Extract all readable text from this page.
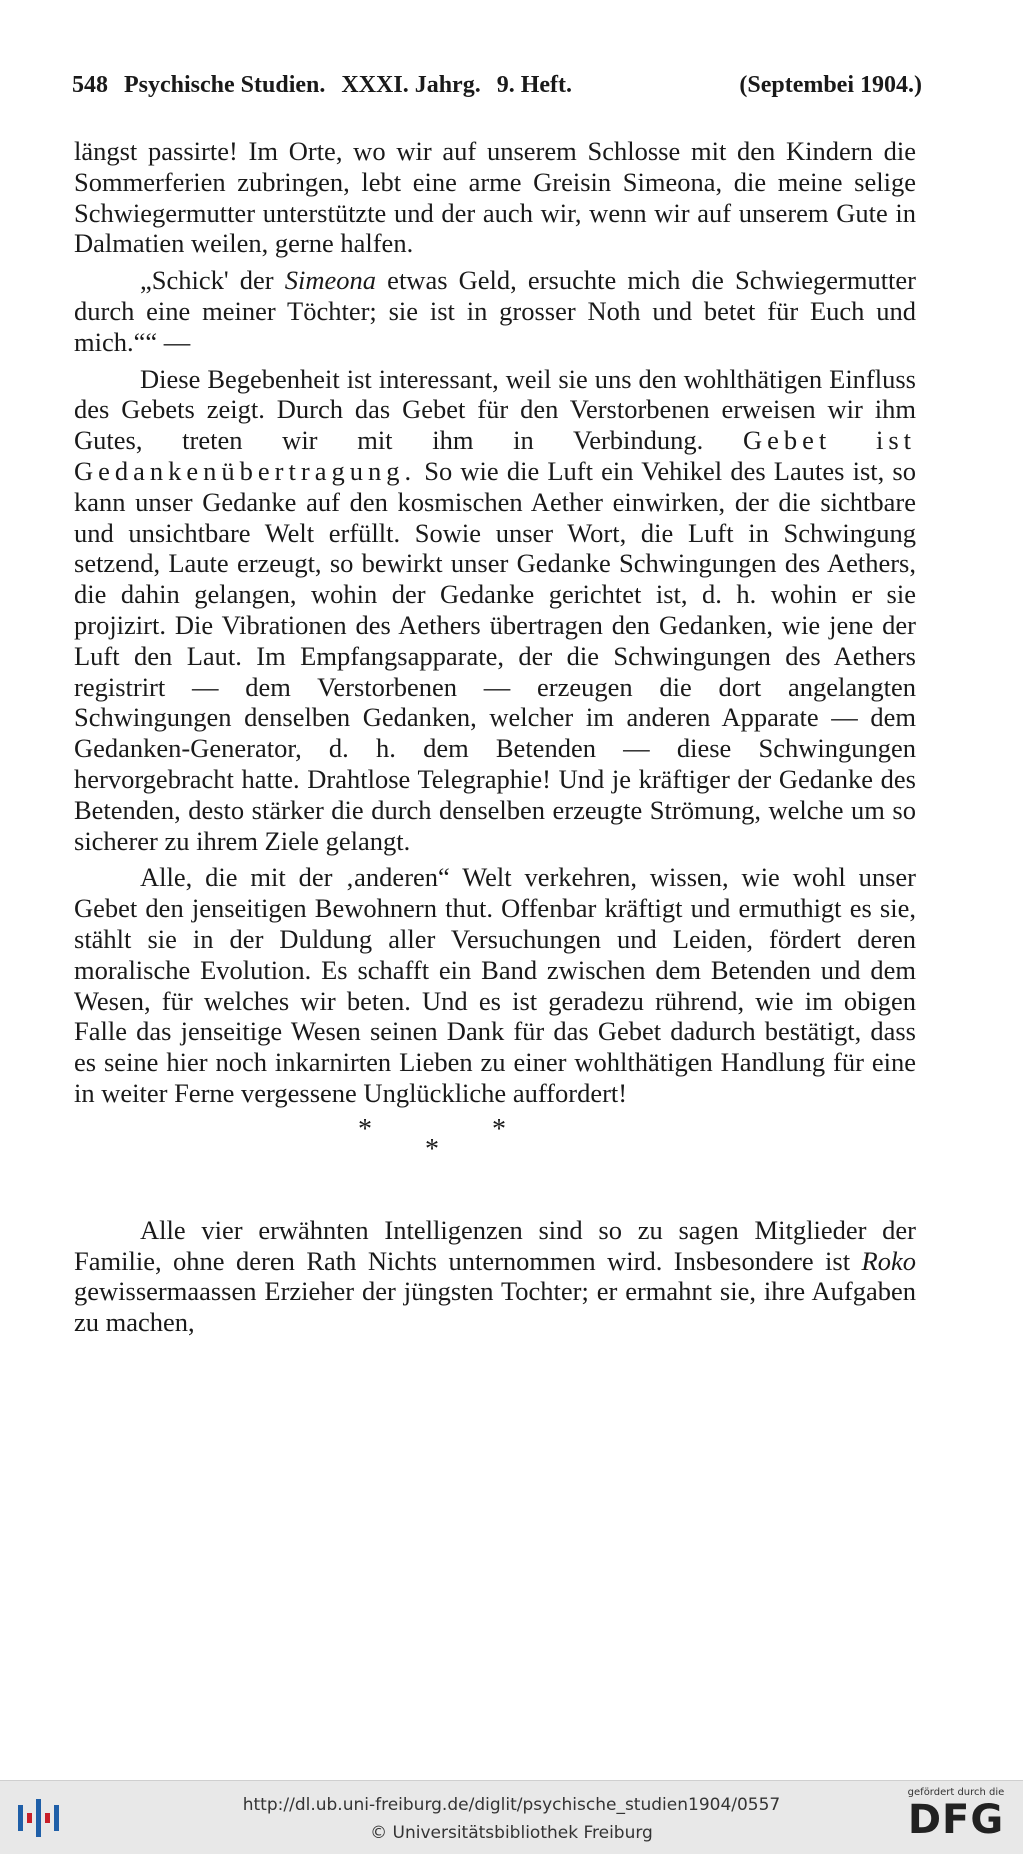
548 Psychische Studien. XXXI. Jahrg. 9. Heft.	(Septembei 1904.)

längst passirte! Im Orte, wo wir auf unserem Schlosse mit den Kindern die Sommerferien zubringen, lebt eine arme Greisin Simeona, die meine selige Schwiegermutter unterstützte und der auch wir, wenn wir auf unserem Gute in Dalmatien weilen, gerne halfen.

„Schick' der Simeona etwas Geld, ersuchte mich die Schwiegermutter durch eine meiner Töchter; sie ist in grosser Noth und betet für Euch und mich.““ —

Diese Begebenheit ist interessant, weil sie uns den wohlthätigen Einfluss des Gebets zeigt. Durch das Gebet für den Verstorbenen erweisen wir ihm Gutes, treten wir mit ihm in Verbindung. Gebet ist Gedankenübertragung. So wie die Luft ein Vehikel des Lautes ist, so kann unser Gedanke auf den kosmischen Aether einwirken, der die sichtbare und unsichtbare Welt erfüllt. Sowie unser Wort, die Luft in Schwingung setzend, Laute erzeugt, so bewirkt unser Gedanke Schwingungen des Aethers, die dahin gelangen, wohin der Gedanke gerichtet ist, d. h. wohin er sie projizirt. Die Vibrationen des Aethers übertragen den Gedanken, wie jene der Luft den Laut. Im Empfangsapparate, der die Schwingungen des Aethers registrirt — dem Verstorbenen — erzeugen die dort angelangten Schwingungen denselben Gedanken, welcher im anderen Apparate — dem Gedanken-Generator, d. h. dem Betenden — diese Schwingungen hervorgebracht hatte. Drahtlose Telegraphie! Und je kräftiger der Gedanke des Betenden, desto stärker die durch denselben erzeugte Strömung, welche um so sicherer zu ihrem Ziele gelangt.

Alle, die mit der ‚anderen“ Welt verkehren, wissen, wie wohl unser Gebet den jenseitigen Bewohnern thut. Offenbar kräftigt und ermuthigt es sie, stählt sie in der Duldung aller Versuchungen und Leiden, fördert deren moralische Evolution. Es schafft ein Band zwischen dem Betenden und dem Wesen, für welches wir beten. Und es ist geradezu rührend, wie im obigen Falle das jenseitige Wesen seinen Dank für das Gebet dadurch bestätigt, dass es seine hier noch inkarnirten Lieben zu einer wohlthätigen Handlung für eine in weiter Ferne vergessene Unglückliche auffordert!

*	*
*

Alle vier erwähnten Intelligenzen sind so zu sagen Mitglieder der Familie, ohne deren Rath Nichts unternommen wird. Insbesondere ist Roko gewissermaassen Erzieher der jüngsten Tochter; er ermahnt sie, ihre Aufgaben zu machen,

http://dl.ub.uni-freiburg.de/diglit/psychische_studien1904/0557
© Universitätsbibliothek Freiburg
gefördert durch die
DFG
